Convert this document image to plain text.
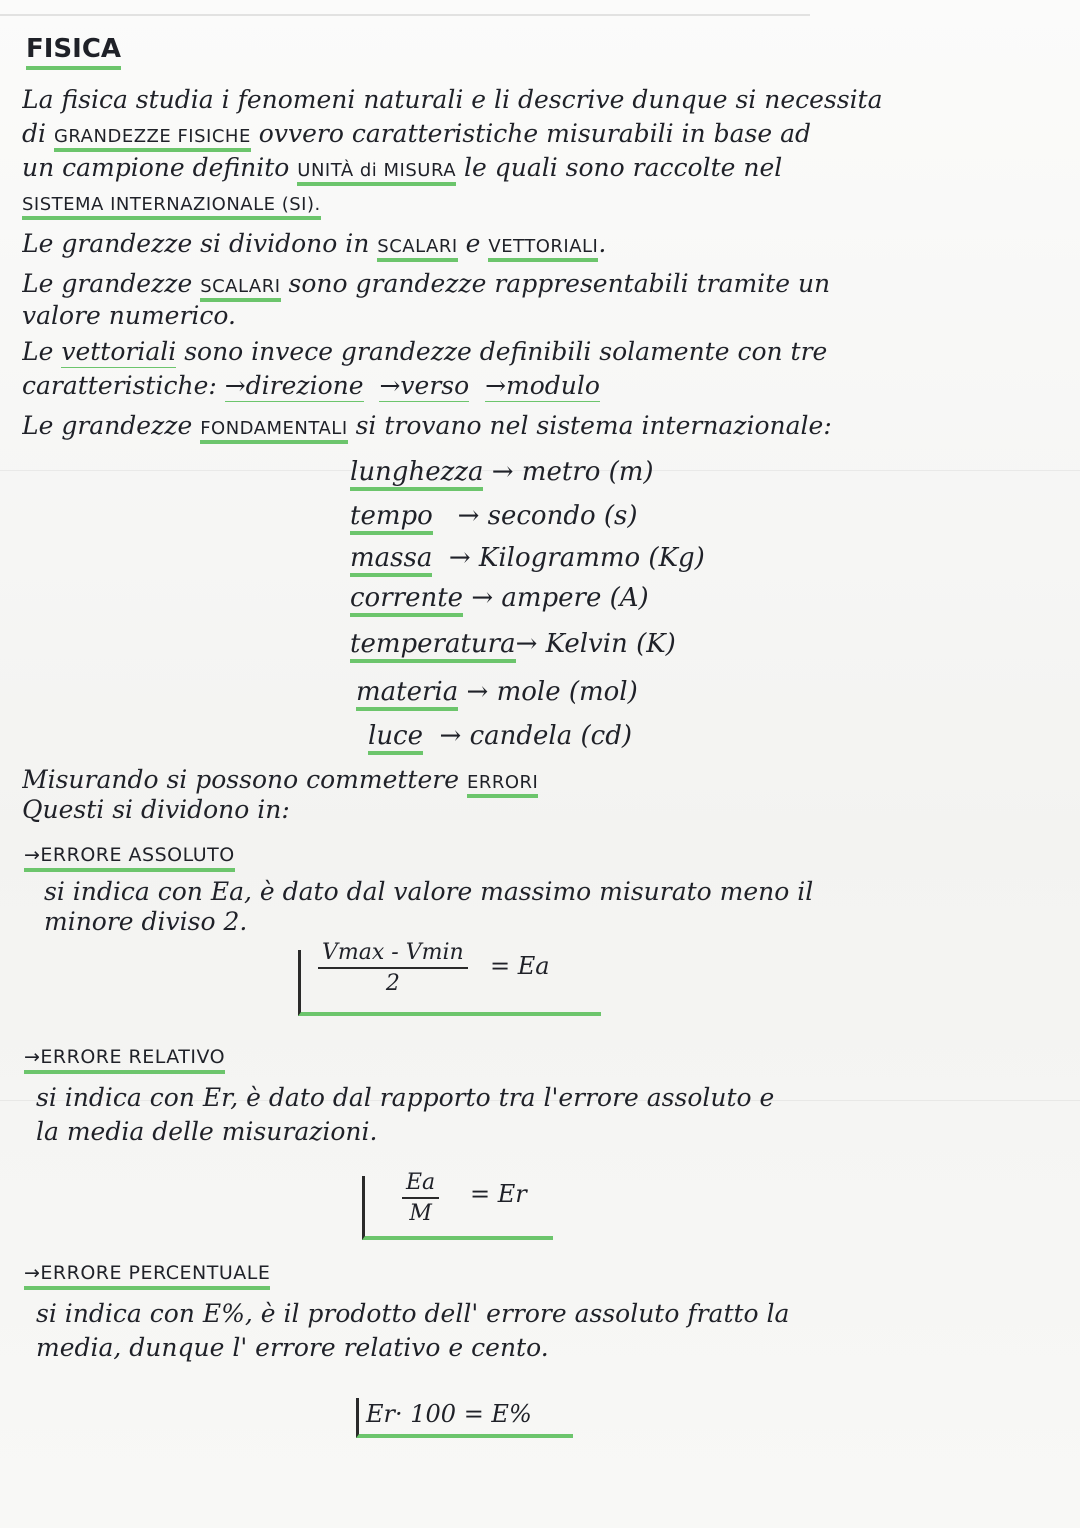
FISICA
La fisica studia i fenomeni naturali e li descrive dunque si necessita
di GRANDEZZE FISICHE ovvero caratteristiche misurabili in base ad
un campione definito UNITÀ di MISURA le quali sono raccolte nel
SISTEMA INTERNAZIONALE (SI).
Le grandezze si dividono in SCALARI e VETTORIALI.
Le grandezze SCALARI sono grandezze rappresentabili tramite un
valore numerico.
Le vettoriali sono invece grandezze definibili solamente con tre
caratteristiche: →direzione →verso →modulo
Le grandezze FONDAMENTALI si trovano nel sistema internazionale:
lunghezza → metro (m)
tempo → secondo (s)
massa → Kilogrammo (Kg)
corrente → ampere (A)
temperatura→ Kelvin (K)
materia → mole (mol)
luce → candela (cd)
Misurando si possono commettere ERRORI
Questi si dividono in:
→ERRORE ASSOLUTO
si indica con Ea, è dato dal valore massimo misurato meno il
minore diviso 2.
Vmax - Vmin
2
= Ea
→ERRORE RELATIVO
si indica con Er, è dato dal rapporto tra l'errore assoluto e
la media delle misurazioni.
$\frac{Ea}{M} = Er$
→ERRORE PERCENTUALE
si indica con E%, è il prodotto dell' errore assoluto fratto la
media, dunque l' errore relativo e cento.
Er· 100 = E%
